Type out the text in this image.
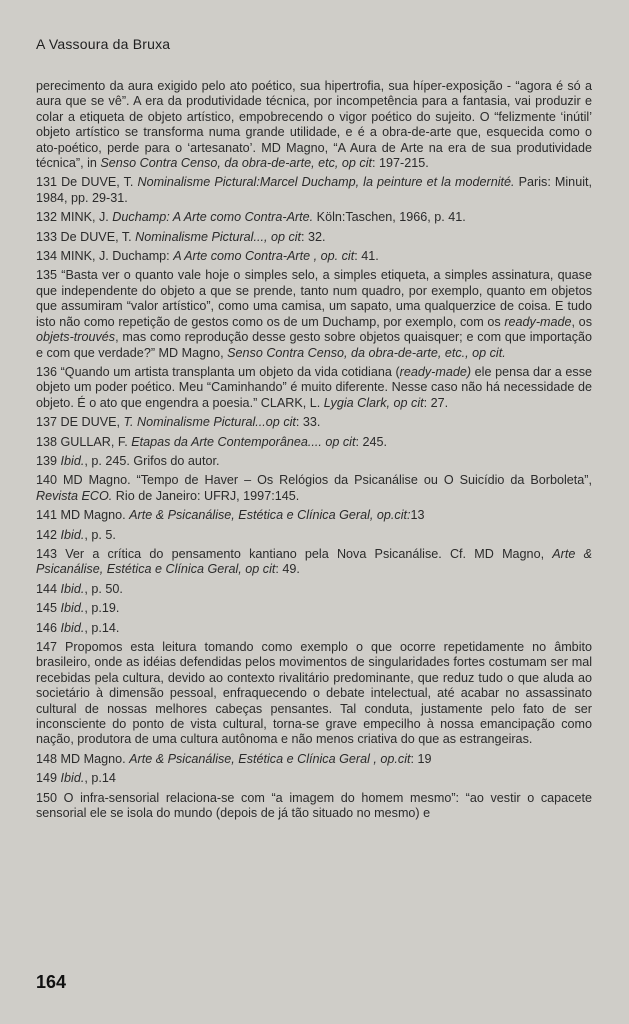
A Vassoura da Bruxa

perecimento da aura exigido pelo ato poético, sua hipertrofia, sua híper-exposição - “agora é só a aura que se vê”. A era da produtividade técnica, por incompetência para a fantasia, vai produzir e colar a etiqueta de objeto artístico, empobrecendo o vigor poético do sujeito. O “felizmente ‘inútil’ objeto artístico se transforma numa grande utilidade, e é a obra-de-arte que, esquecida como o ato-poético, perde para o ‘artesanato’. MD Magno, “A Aura de Arte na era de sua produtividade técnica”, in Senso Contra Censo, da obra-de-arte, etc, op cit: 197-215.

131 De DUVE, T. Nominalisme Pictural:Marcel Duchamp, la peinture et la modernité. Paris: Minuit, 1984, pp. 29-31.

132 MINK, J. Duchamp: A Arte como Contra-Arte. Köln:Taschen, 1966, p. 41.

133 De DUVE, T. Nominalisme Pictural..., op cit: 32.

134 MINK, J. Duchamp: A Arte como Contra-Arte , op. cit: 41.

135 “Basta ver o quanto vale hoje o simples selo, a simples etiqueta, a simples assinatura, quase que independente do objeto a que se prende, tanto num quadro, por exemplo, quanto em objetos que assumiram “valor artístico”, como uma camisa, um sapato, uma qualquerzice de coisa. E tudo isto não como repetição de gestos como os de um Duchamp, por exemplo, com os ready-made, os objets-trouvés, mas como reprodução desse gesto sobre objetos quaisquer; e com que importação e com que verdade?” MD Magno, Senso Contra Censo, da obra-de-arte, etc., op cit.

136 “Quando um artista transplanta um objeto da vida cotidiana (ready-made) ele pensa dar a esse objeto um poder poético. Meu “Caminhando” é muito diferente. Nesse caso não há necessidade de objeto. É o ato que engendra a poesia.” CLARK, L. Lygia Clark, op cit: 27.

137 DE DUVE, T. Nominalisme Pictural...op cit: 33.

138 GULLAR, F. Etapas da Arte Contemporânea.... op cit: 245.

139 Ibid., p. 245. Grifos do autor.

140 MD Magno. “Tempo de Haver – Os Relógios da Psicanálise ou O Suicídio da Borboleta”, Revista ECO. Rio de Janeiro: UFRJ, 1997:145.

141 MD Magno. Arte & Psicanálise, Estética e Clínica Geral, op.cit:13

142 Ibid., p. 5.

143 Ver a crítica do pensamento kantiano pela Nova Psicanálise. Cf. MD Magno, Arte & Psicanálise, Estética e Clínica Geral, op cit: 49.

144 Ibid., p. 50.

145 Ibid., p.19.

146 Ibid., p.14.

147 Propomos esta leitura tomando como exemplo o que ocorre repetidamente no âmbito brasileiro, onde as idéias defendidas pelos movimentos de singularidades fortes costumam ser mal recebidas pela cultura, devido ao contexto rivalitário predominante, que reduz tudo o que aluda ao societário à dimensão pessoal, enfraquecendo o debate intelectual, até acabar no assassinato cultural de nossas melhores cabeças pensantes. Tal conduta, justamente pelo fato de ser inconsciente do ponto de vista cultural, torna-se grave empecilho à nossa emancipação como nação, produtora de uma cultura autônoma e não menos criativa do que as estrangeiras.

148 MD Magno. Arte & Psicanálise, Estética e Clínica Geral , op.cit: 19

149 Ibid., p.14

150 O infra-sensorial relaciona-se com “a imagem do homem mesmo”: “ao vestir o capacete sensorial ele se isola do mundo (depois de já tão situado no mesmo) e

164
